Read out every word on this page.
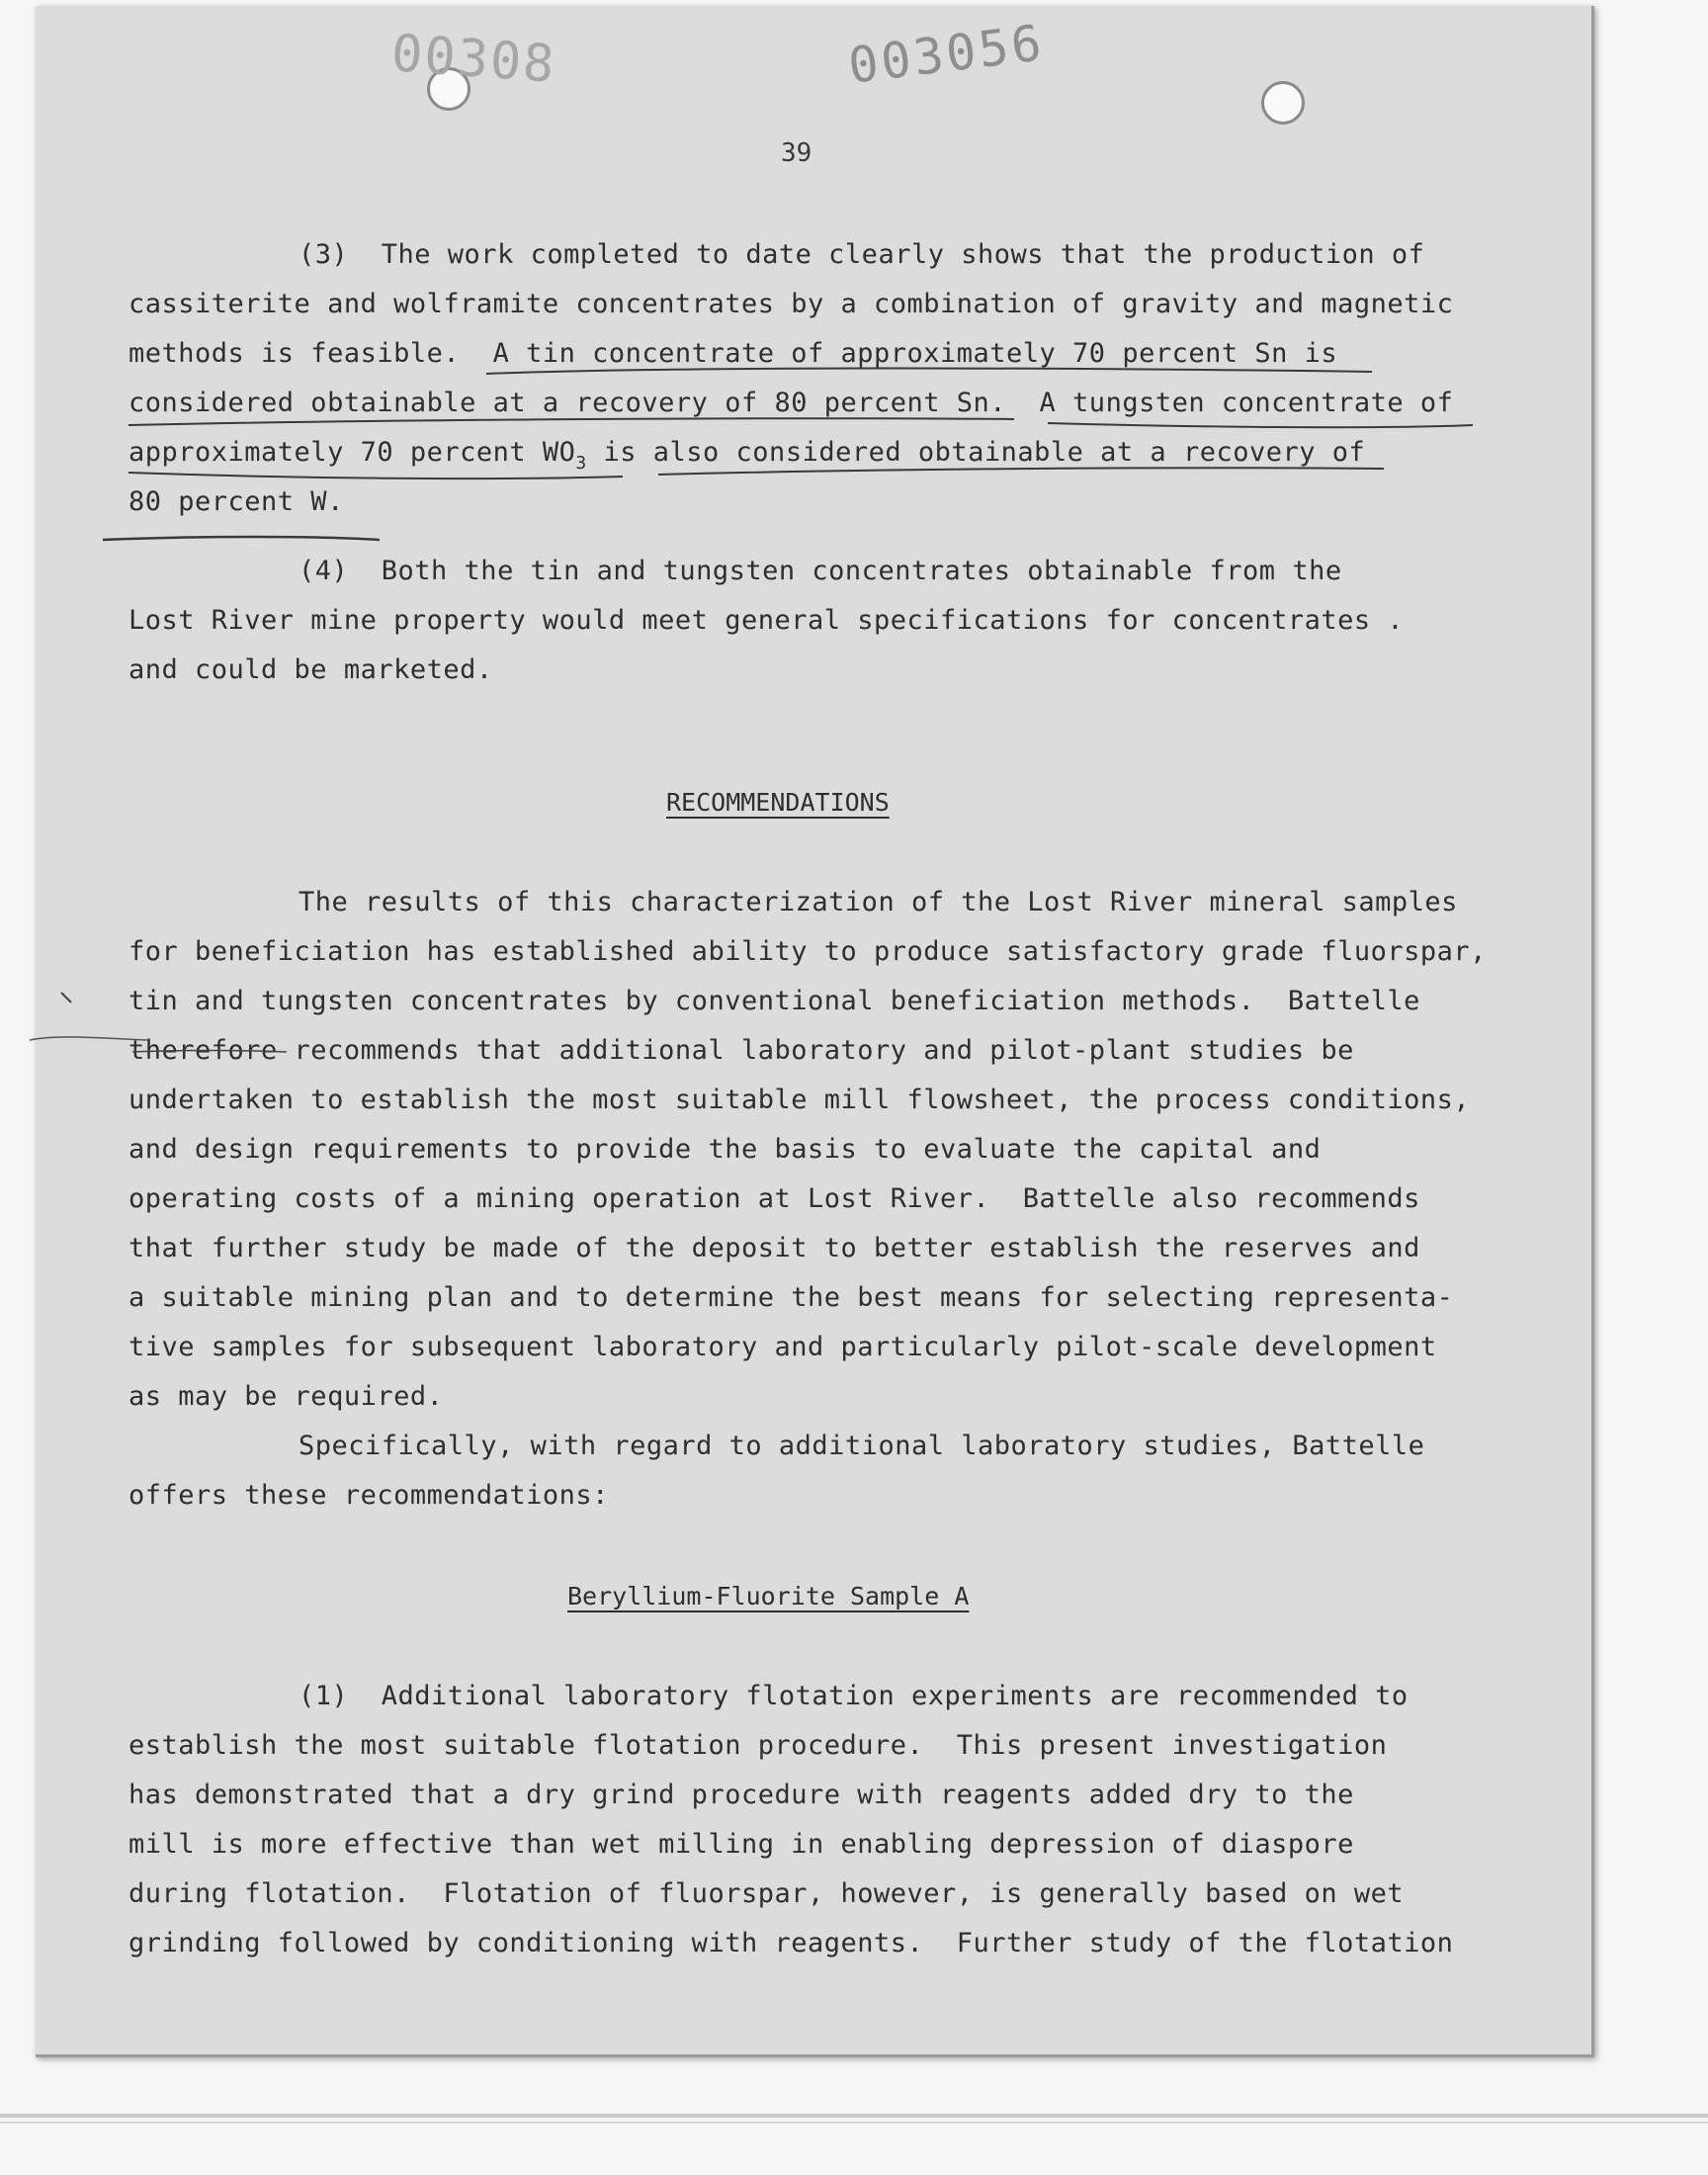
00308	003056
39
(3)  The work completed to date clearly shows that the production of
cassiterite and wolframite concentrates by a combination of gravity and magnetic
methods is feasible.  A tin concentrate of approximately 70 percent Sn is
considered obtainable at a recovery of 80 percent Sn.  A tungsten concentrate of
approximately 70 percent $WO_3$ is also considered obtainable at a recovery of
80 percent W.
(4)  Both the tin and tungsten concentrates obtainable from the
Lost River mine property would meet general specifications for concentrates .
and could be marketed.
RECOMMENDATIONS
The results of this characterization of the Lost River mineral samples
for beneficiation has established ability to produce satisfactory grade fluorspar,
tin and tungsten concentrates by conventional beneficiation methods.  Battelle
therefore recommends that additional laboratory and pilot-plant studies be
undertaken to establish the most suitable mill flowsheet, the process conditions,
and design requirements to provide the basis to evaluate the capital and
operating costs of a mining operation at Lost River.  Battelle also recommends
that further study be made of the deposit to better establish the reserves and
a suitable mining plan and to determine the best means for selecting representa-
tive samples for subsequent laboratory and particularly pilot-scale development
as may be required.
Specifically, with regard to additional laboratory studies, Battelle
offers these recommendations:
Beryllium-Fluorite Sample A
(1)  Additional laboratory flotation experiments are recommended to
establish the most suitable flotation procedure.  This present investigation
has demonstrated that a dry grind procedure with reagents added dry to the
mill is more effective than wet milling in enabling depression of diaspore
during flotation.  Flotation of fluorspar, however, is generally based on wet
grinding followed by conditioning with reagents.  Further study of the flotation
